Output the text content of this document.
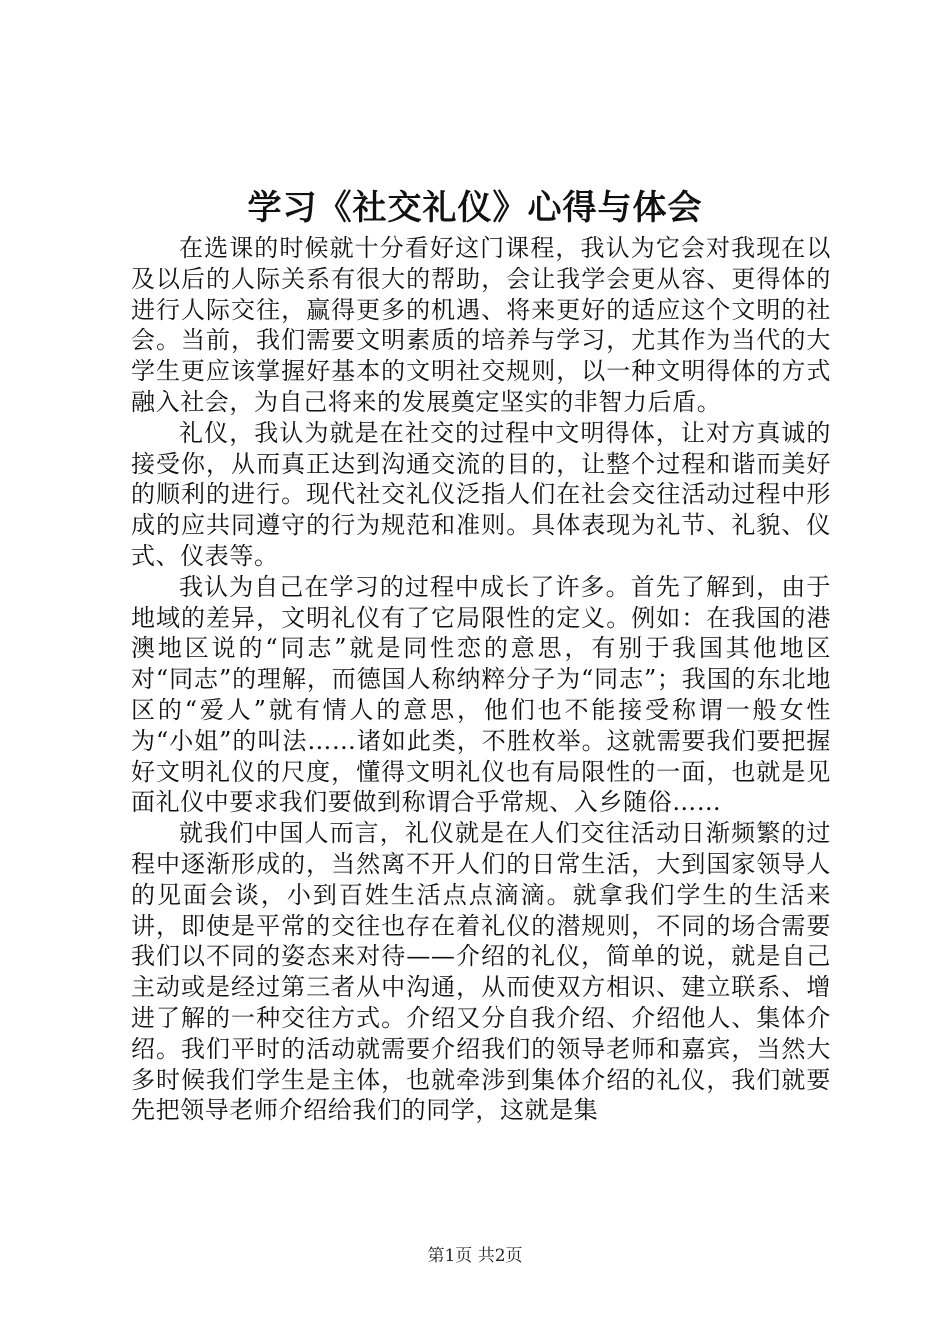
学习《社交礼仪》心得与体会

在选课的时候就十分看好这门课程，我认为它会对我现在以及以后的人际关系有很大的帮助，会让我学会更从容、更得体的进行人际交往，赢得更多的机遇、将来更好的适应这个文明的社会。当前，我们需要文明素质的培养与学习，尤其作为当代的大学生更应该掌握好基本的文明社交规则，以一种文明得体的方式融入社会，为自己将来的发展奠定坚实的非智力后盾。

礼仪，我认为就是在社交的过程中文明得体，让对方真诚的接受你，从而真正达到沟通交流的目的，让整个过程和谐而美好的顺利的进行。现代社交礼仪泛指人们在社会交往活动过程中形成的应共同遵守的行为规范和准则。具体表现为礼节、礼貌、仪式、仪表等。

我认为自己在学习的过程中成长了许多。首先了解到，由于地域的差异，文明礼仪有了它局限性的定义。例如：在我国的港澳地区说的“同志”就是同性恋的意思，有别于我国其他地区对“同志”的理解，而德国人称纳粹分子为“同志”；我国的东北地区的“爱人”就有情人的意思，他们也不能接受称谓一般女性为“小姐”的叫法……诸如此类，不胜枚举。这就需要我们要把握好文明礼仪的尺度，懂得文明礼仪也有局限性的一面，也就是见面礼仪中要求我们要做到称谓合乎常规、入乡随俗……

就我们中国人而言，礼仪就是在人们交往活动日渐频繁的过程中逐渐形成的，当然离不开人们的日常生活，大到国家领导人的见面会谈，小到百姓生活点点滴滴。就拿我们学生的生活来讲，即使是平常的交往也存在着礼仪的潜规则，不同的场合需要我们以不同的姿态来对待——介绍的礼仪，简单的说，就是自己主动或是经过第三者从中沟通，从而使双方相识、建立联系、增进了解的一种交往方式。介绍又分自我介绍、介绍他人、集体介绍。我们平时的活动就需要介绍我们的领导老师和嘉宾，当然大多时候我们学生是主体，也就牵涉到集体介绍的礼仪，我们就要先把领导老师介绍给我们的同学，这就是集

第1页 共2页
